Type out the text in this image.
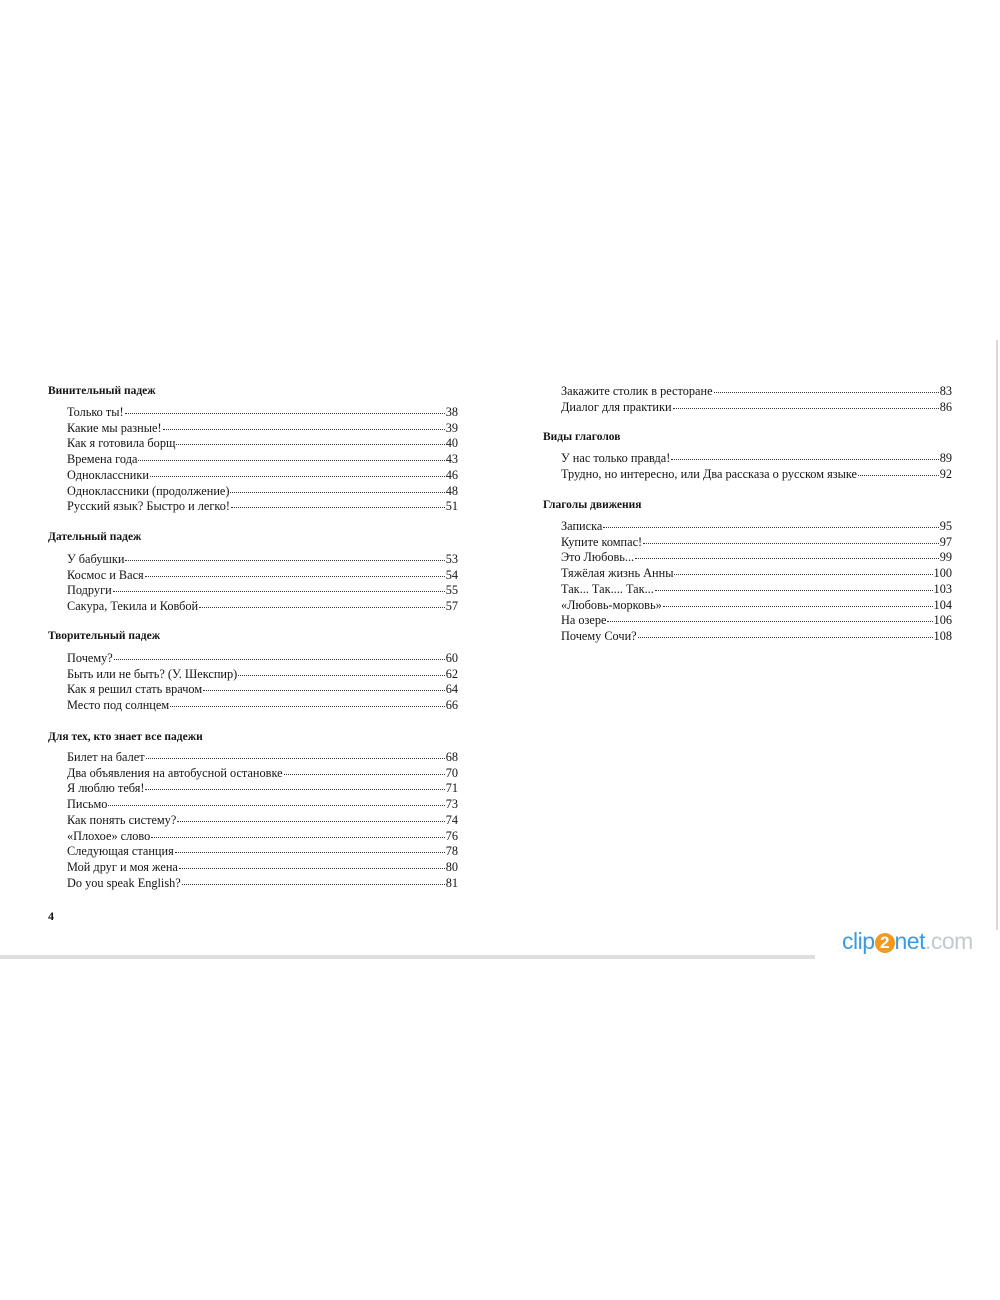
4
clip 2 net.com
Винительный падеж
Только ты!	38
Какие мы разные!	39
Как я готовила борщ	40
Времена года	43
Одноклассники	46
Одноклассники (продолжение)	48
Русский язык? Быстро и легко!	51
Дательный падеж
У бабушки	53
Космос и Вася	54
Подруги	55
Сакура, Текила и Ковбой	57
Творительный падеж
Почему?	60
Быть или не быть? (У. Шекспир)	62
Как я решил стать врачом	64
Место под солнцем	66
Для тех, кто знает все падежи
Билет на балет	68
Два объявления на автобусной остановке	70
Я люблю тебя!	71
Письмо	73
Как понять систему?	74
«Плохое» слово	76
Следующая станция	78
Мой друг и моя жена	80
Do you speak English?	81
Закажите столик в ресторане	83
Диалог для практики	86
Виды глаголов
У нас только правда!	89
Трудно, но интересно, или Два рассказа о русском языке	92
Глаголы движения
Записка	95
Купите компас!	97
Это Любовь...	99
Тяжёлая жизнь Анны	100
Так... Так.... Так...	103
«Любовь-морковь»	104
На озере	106
Почему Сочи?	108
